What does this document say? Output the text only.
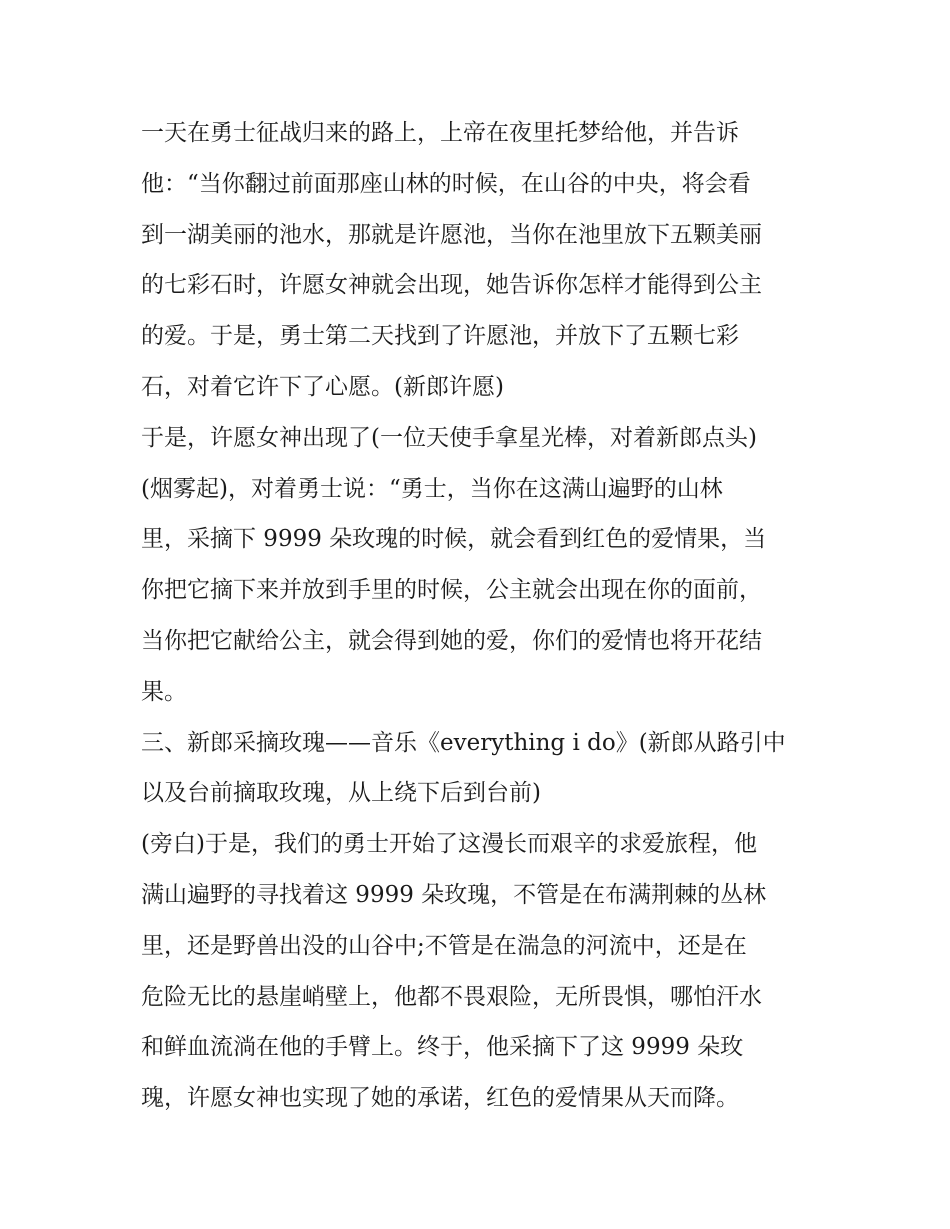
一天在勇士征战归来的路上，上帝在夜里托梦给他，并告诉
他：“当你翻过前面那座山林的时候，在山谷的中央，将会看
到一湖美丽的池水，那就是许愿池，当你在池里放下五颗美丽
的七彩石时，许愿女神就会出现，她告诉你怎样才能得到公主
的爱。于是，勇士第二天找到了许愿池，并放下了五颗七彩
石，对着它许下了心愿。(新郎许愿)
于是，许愿女神出现了(一位天使手拿星光棒，对着新郎点头)
(烟雾起)，对着勇士说：“勇士，当你在这满山遍野的山林
里，采摘下 9999 朵玫瑰的时候，就会看到红色的爱情果，当
你把它摘下来并放到手里的时候，公主就会出现在你的面前，
当你把它献给公主，就会得到她的爱，你们的爱情也将开花结
果。
三、新郎采摘玫瑰——音乐《everything i do》(新郎从路引中
以及台前摘取玫瑰，从上绕下后到台前)
(旁白)于是，我们的勇士开始了这漫长而艰辛的求爱旅程，他
满山遍野的寻找着这 9999 朵玫瑰，不管是在布满荆棘的丛林
里，还是野兽出没的山谷中;不管是在湍急的河流中，还是在
危险无比的悬崖峭壁上，他都不畏艰险，无所畏惧，哪怕汗水
和鲜血流淌在他的手臂上。终于，他采摘下了这 9999 朵玫
瑰，许愿女神也实现了她的承诺，红色的爱情果从天而降。
